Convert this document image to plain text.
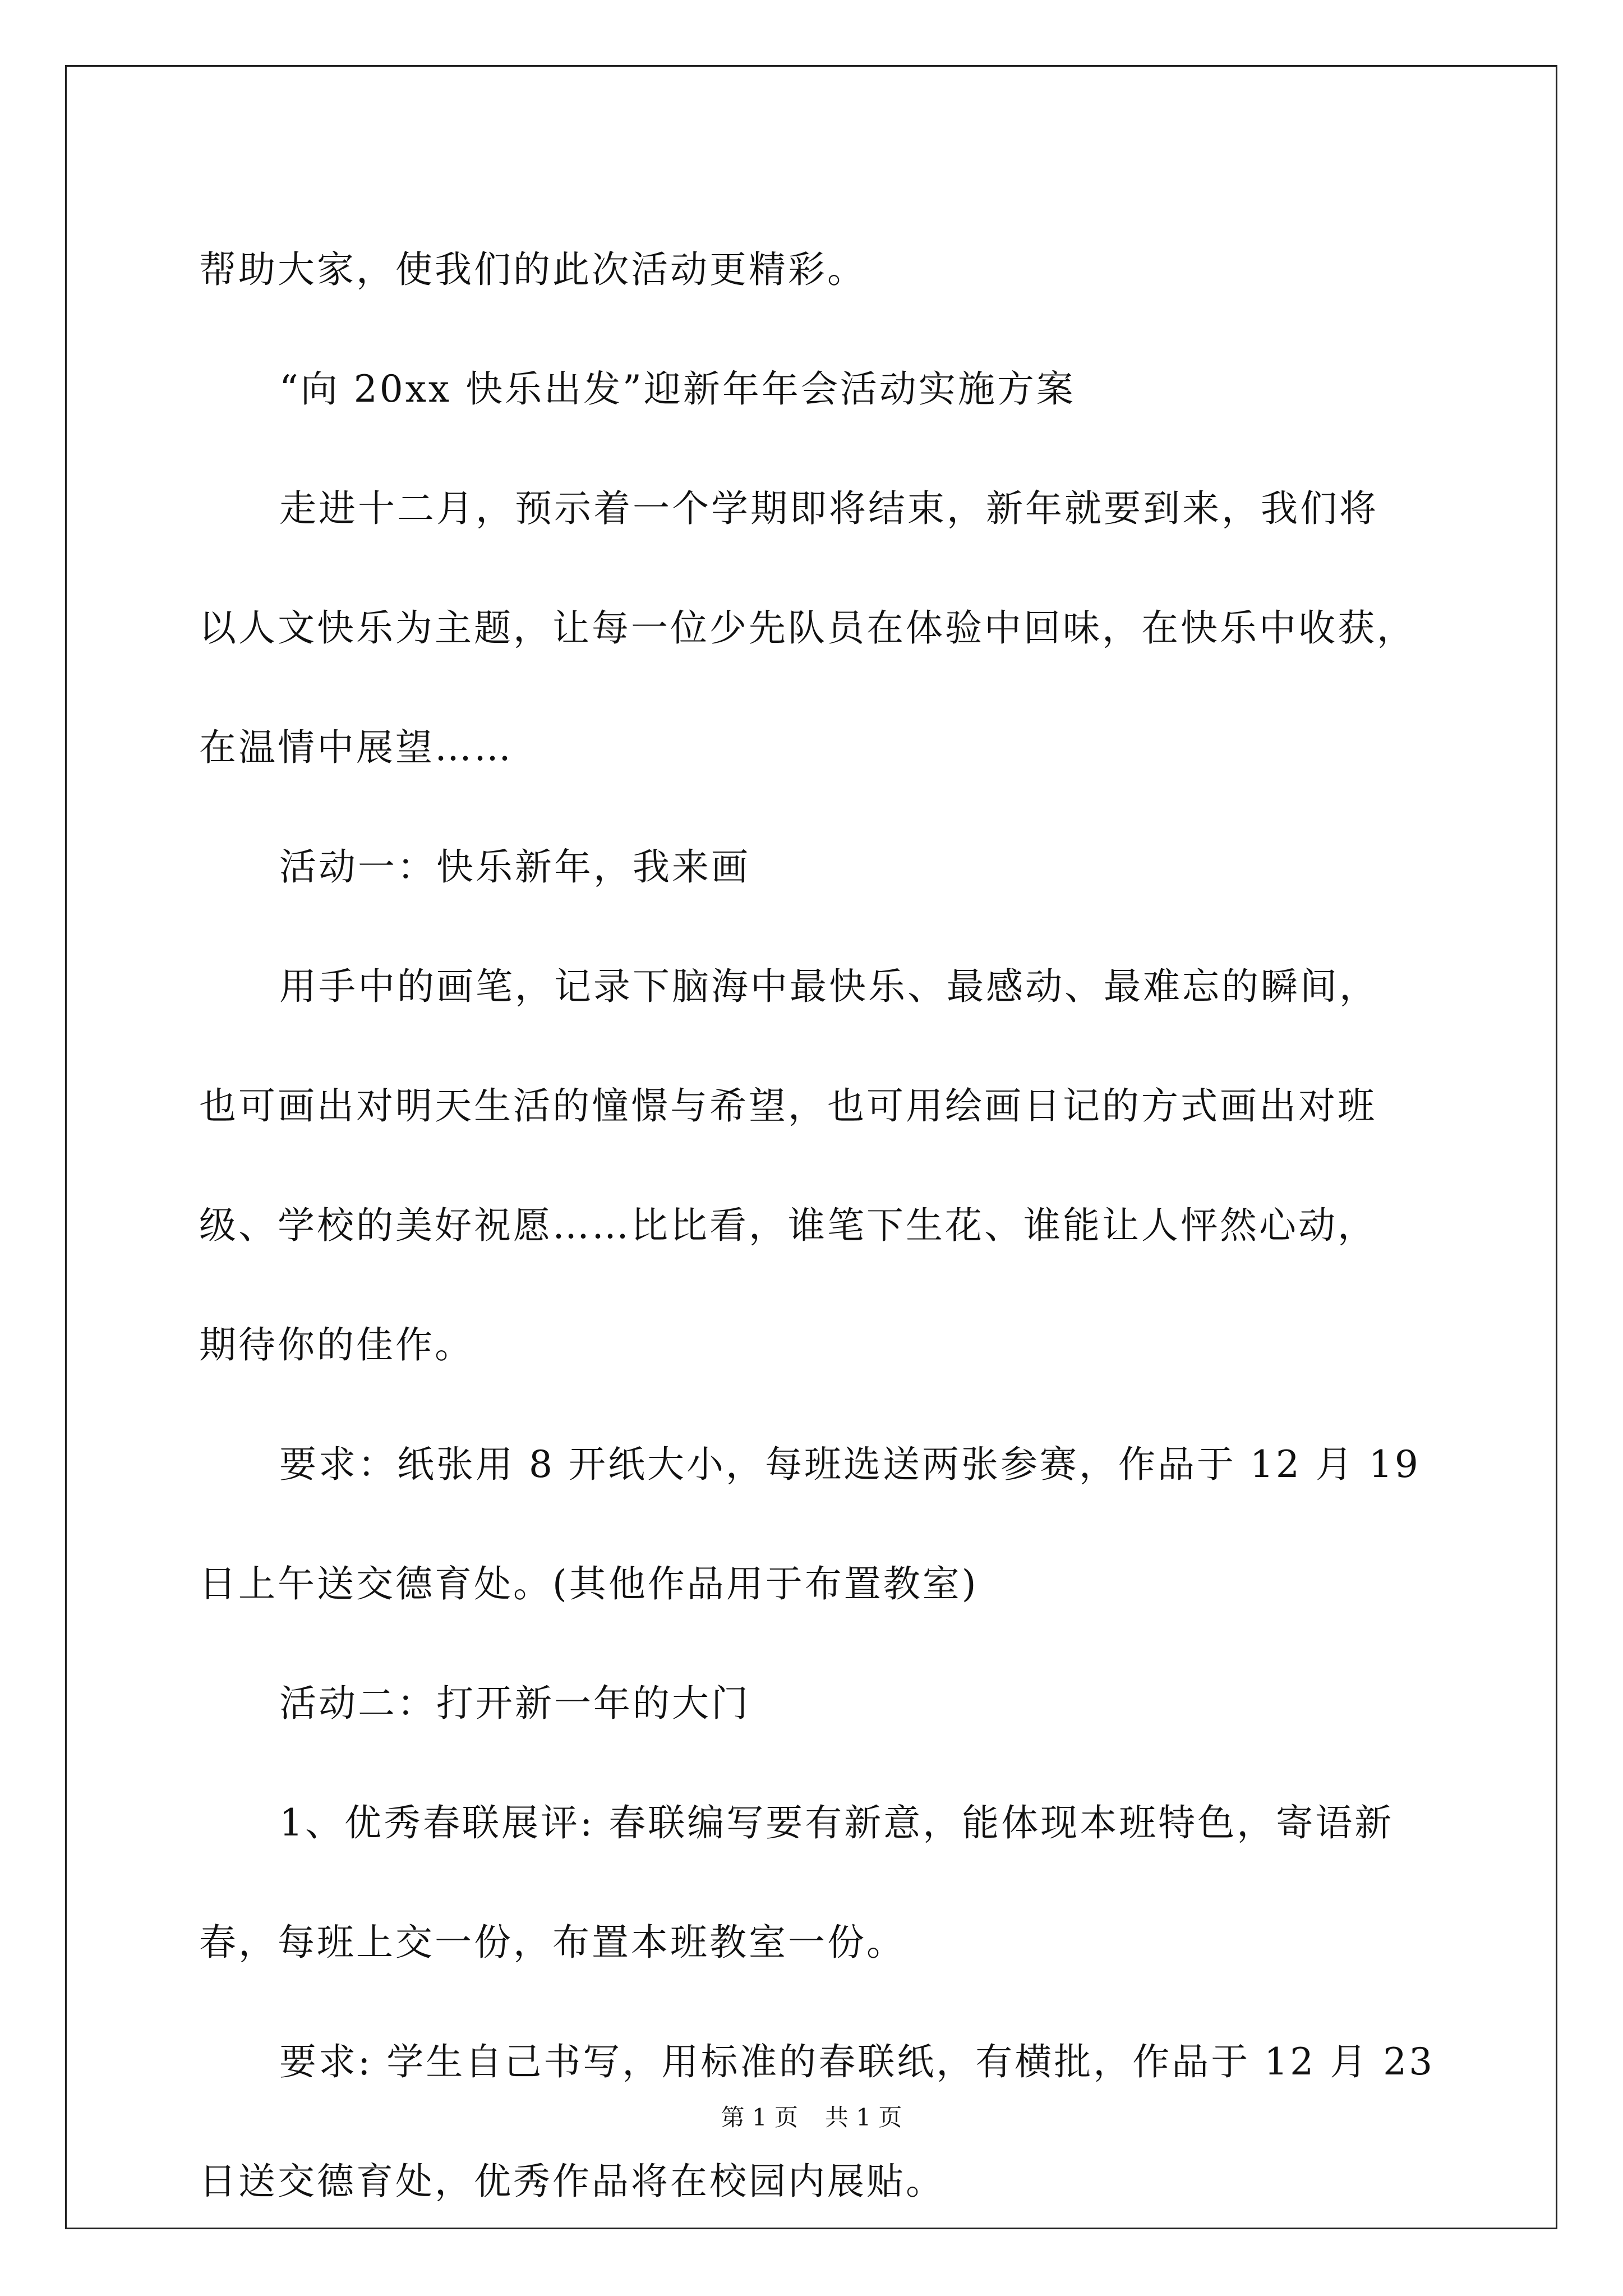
帮助大家，使我们的此次活动更精彩。

“向 20xx 快乐出发”迎新年年会活动实施方案

走进十二月，预示着一个学期即将结束，新年就要到来，我们将

以人文快乐为主题，让每一位少先队员在体验中回味，在快乐中收获，

在温情中展望……

活动一：快乐新年，我来画

用手中的画笔，记录下脑海中最快乐、最感动、最难忘的瞬间，

也可画出对明天生活的憧憬与希望，也可用绘画日记的方式画出对班

级、学校的美好祝愿……比比看，谁笔下生花、谁能让人怦然心动，

期待你的佳作。

要求：纸张用 8 开纸大小，每班选送两张参赛，作品于 12 月 19

日上午送交德育处。(其他作品用于布置教室)

活动二：打开新一年的大门

1、优秀春联展评: 春联编写要有新意，能体现本班特色，寄语新

春，每班上交一份，布置本班教室一份。

要求: 学生自己书写，用标准的春联纸，有横批，作品于 12 月 23

日送交德育处，优秀作品将在校园内展贴。

第 1 页 共 1 页
